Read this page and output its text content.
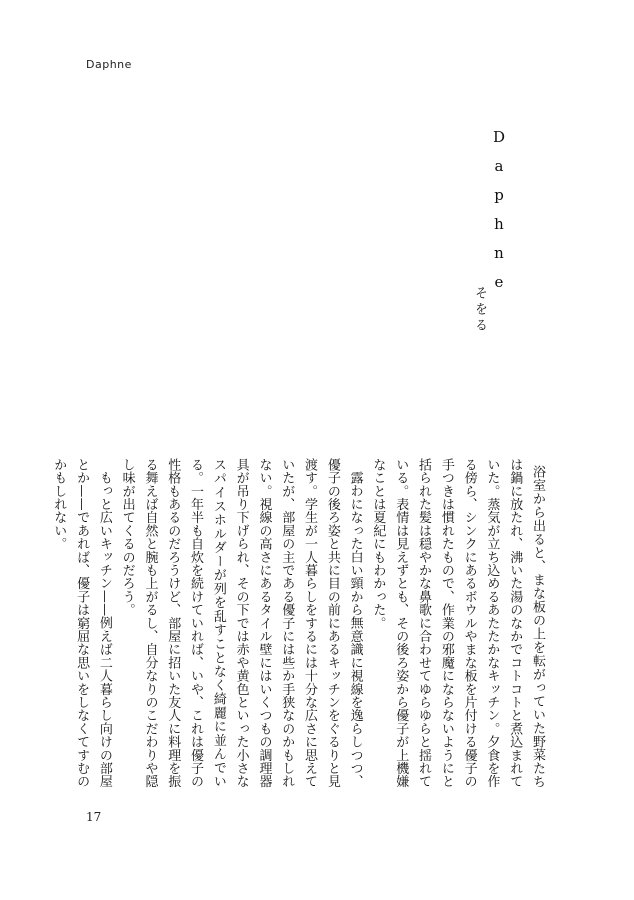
Daphne
Daphne
そをる

浴室から出ると、まな板の上を転がっていた野菜たちは鍋に放たれ、沸いた湯のなかでコトコトと煮込まれていた。蒸気が立ち込めるあたたかなキッチン。夕食を作る傍ら、シンクにあるボウルやまな板を片付ける優子の手つきは慣れたもので、作業の邪魔にならないようにと括られた髪は穏やかな鼻歌に合わせてゆらゆらと揺れている。表情は見えずとも、その後ろ姿から優子が上機嫌なことは夏紀にもわかった。

露わになった白い頸から無意識に視線を逸らしつつ、優子の後ろ姿と共に目の前にあるキッチンをぐるりと見渡す。学生が一人暮らしをするには十分な広さに思えていたが、部屋の主である優子には些か手狭なのかもしれない。視線の高さにあるタイル壁にはいくつもの調理器具が吊り下げられ、その下では赤や黄色といった小さなスパイスホルダーが列を乱すことなく綺麗に並んでいる。一年半も自炊を続けていれば、いや、これは優子の性格もあるのだろうけど、部屋に招いた友人に料理を振る舞えば自然と腕も上がるし、自分なりのこだわりや隠し味が出てくるのだろう。

もっと広いキッチン——例えば二人暮らし向けの部屋とか——であれば、優子は窮屈な思いをしなくてすむのかもしれない。

17
